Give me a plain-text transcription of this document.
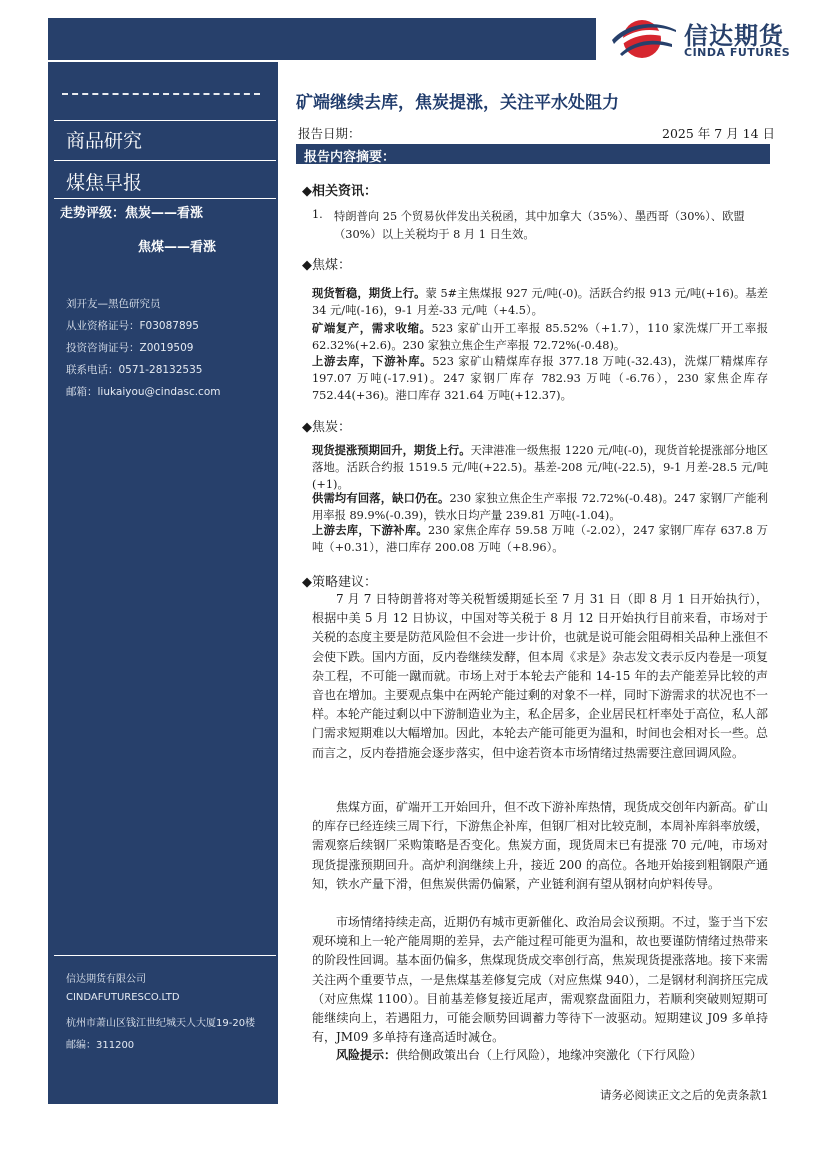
信达期货
CINDA FUTURES
商品研究
煤焦早报
走势评级：焦炭——看涨
焦煤——看涨
刘开友—黑色研究员
从业资格证号：F03087895
投资咨询证号：Z0019509
联系电话：0571-28132535
邮箱：liukaiyou@cindasc.com
信达期货有限公司
CINDAFUTURESCO.LTD
杭州市萧山区钱江世纪城天人大厦19-20楼
邮编：311200
矿端继续去库，焦炭提涨，关注平水处阻力
报告日期：	2025 年 7 月 14 日
报告内容摘要：
◆相关资讯：
1. 特朗普向 25 个贸易伙伴发出关税函，其中加拿大（35%）、墨西哥（30%）、欧盟（30%）以上关税均于 8 月 1 日生效。
◆焦煤：
现货暂稳，期货上行。蒙 5#主焦煤报 927 元/吨(-0)。活跃合约报 913 元/吨(+16)。基差 34 元/吨(-16)，9-1 月差-33 元/吨（+4.5）。
矿端复产，需求收缩。523 家矿山开工率报 85.52%（+1.7），110 家洗煤厂开工率报 62.32%(+2.6)。230 家独立焦企生产率报 72.72%(-0.48)。
上游去库，下游补库。523 家矿山精煤库存报 377.18 万吨(-32.43)，洗煤厂精煤库存 197.07 万吨(-17.91)。247 家钢厂库存 782.93 万吨（-6.76），230 家焦企库存 752.44(+36)。港口库存 321.64 万吨(+12.37)。
◆焦炭：
现货提涨预期回升，期货上行。天津港准一级焦报 1220 元/吨(-0)，现货首轮提涨部分地区落地。活跃合约报 1519.5 元/吨(+22.5)。基差-208 元/吨(-22.5)，9-1 月差-28.5 元/吨(+1)。
供需均有回落，缺口仍在。230 家独立焦企生产率报 72.72%(-0.48)。247 家钢厂产能利用率报 89.9%(-0.39)，铁水日均产量 239.81 万吨(-1.04)。
上游去库，下游补库。230 家焦企库存 59.58 万吨（-2.02），247 家钢厂库存 637.8 万吨（+0.31），港口库存 200.08 万吨（+8.96）。
◆策略建议：
7 月 7 日特朗普将对等关税暂缓期延长至 7 月 31 日（即 8 月 1 日开始执行），根据中美 5 月 12 日协议，中国对等关税于 8 月 12 日开始执行目前来看，市场对于关税的态度主要是防范风险但不会进一步计价，也就是说可能会阻碍相关品种上涨但不会使下跌。国内方面，反内卷继续发酵，但本周《求是》杂志发文表示反内卷是一项复杂工程，不可能一蹴而就。市场上对于本轮去产能和 14-15 年的去产能差异比较的声音也在增加。主要观点集中在两轮产能过剩的对象不一样，同时下游需求的状况也不一样。本轮产能过剩以中下游制造业为主，私企居多，企业居民杠杆率处于高位，私人部门需求短期难以大幅增加。因此，本轮去产能可能更为温和，时间也会相对长一些。总而言之，反内卷措施会逐步落实，但中途若资本市场情绪过热需要注意回调风险。
焦煤方面，矿端开工开始回升，但不改下游补库热情，现货成交创年内新高。矿山的库存已经连续三周下行，下游焦企补库，但钢厂相对比较克制，本周补库斜率放缓，需观察后续钢厂采购策略是否变化。焦炭方面，现货周末已有提涨 70 元/吨，市场对现货提涨预期回升。高炉利润继续上升，接近 200 的高位。各地开始接到粗钢限产通知，铁水产量下滑，但焦炭供需仍偏紧，产业链利润有望从钢材向炉料传导。
市场情绪持续走高，近期仍有城市更新催化、政治局会议预期。不过，鉴于当下宏观环境和上一轮产能周期的差异，去产能过程可能更为温和，故也要谨防情绪过热带来的阶段性回调。基本面仍偏多，焦煤现货成交率创行高，焦炭现货提涨落地。接下来需关注两个重要节点，一是焦煤基差修复完成（对应焦煤 940），二是钢材利润挤压完成（对应焦煤 1100）。目前基差修复接近尾声，需观察盘面阻力，若顺利突破则短期可能继续向上，若遇阻力，可能会顺势回调蓄力等待下一波驱动。短期建议 J09 多单持有，JM09 多单持有逢高适时减仓。
风险提示：供给侧政策出台（上行风险），地缘冲突激化（下行风险）
请务必阅读正文之后的免责条款1
